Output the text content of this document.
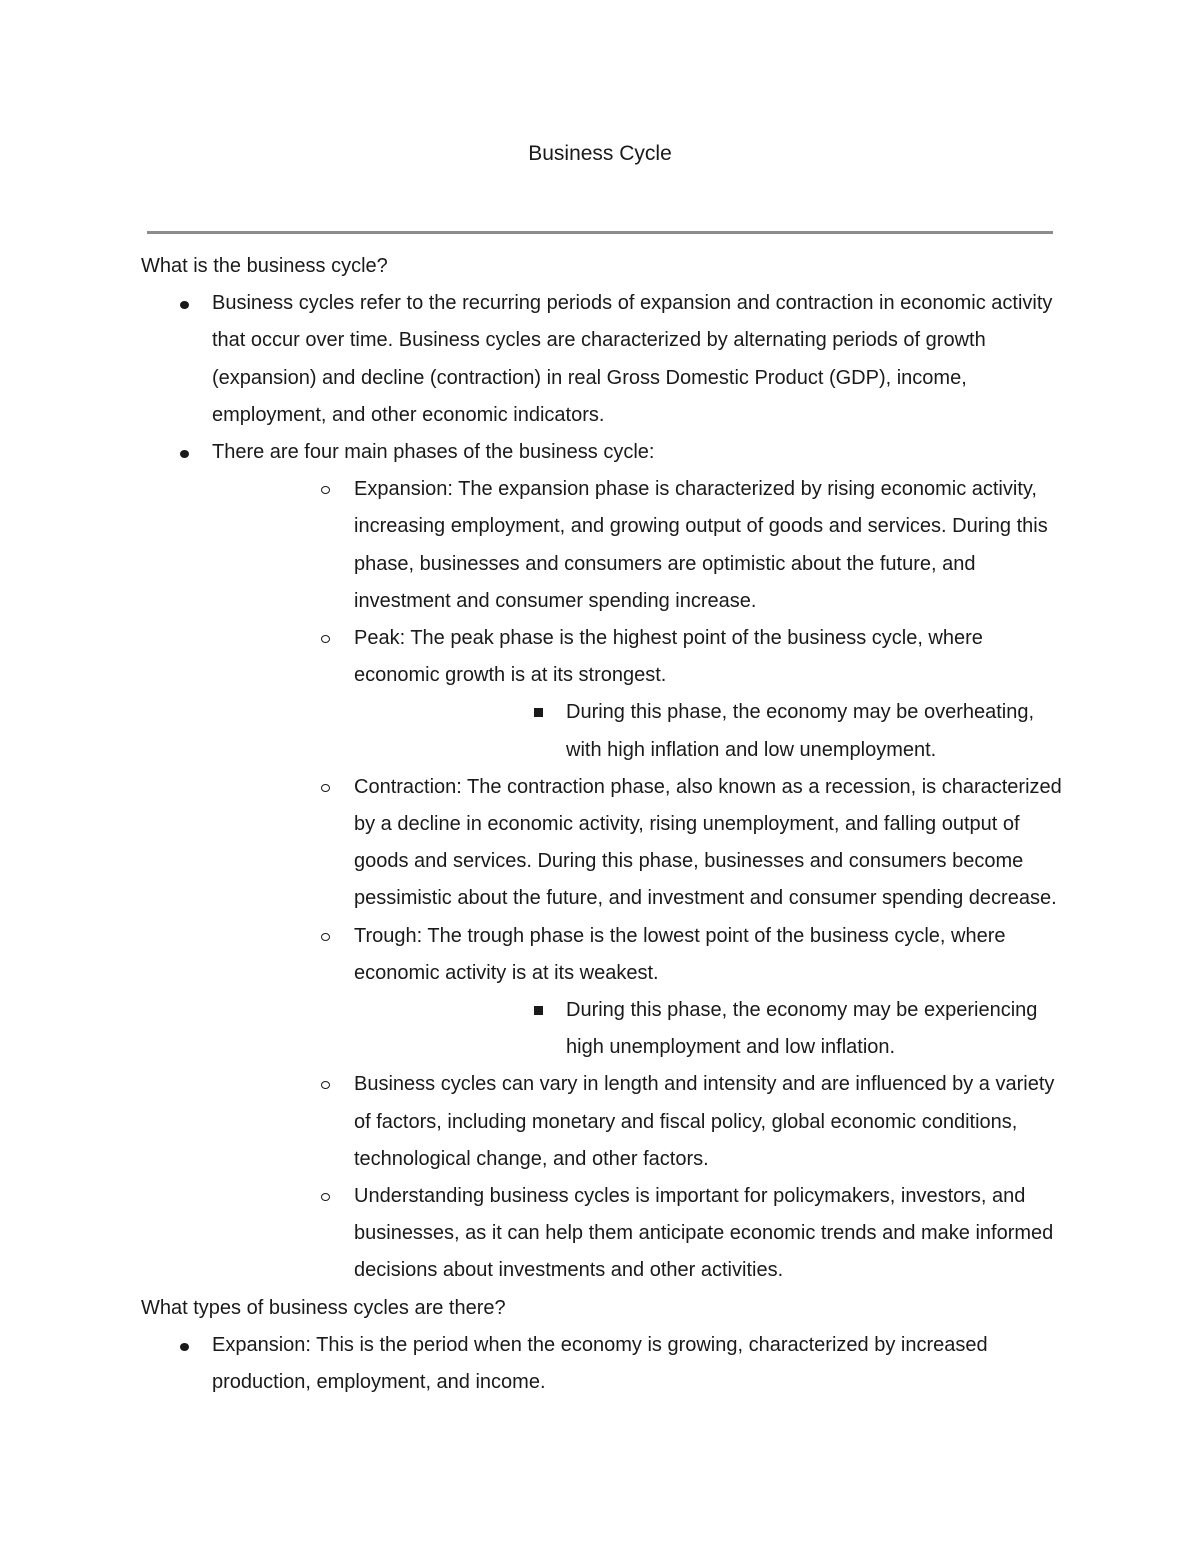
Business Cycle

What is the business cycle?

Business cycles refer to the recurring periods of expansion and contraction in economic activity that occur over time. Business cycles are characterized by alternating periods of growth (expansion) and decline (contraction) in real Gross Domestic Product (GDP), income, employment, and other economic indicators.
There are four main phases of the business cycle:
Expansion: The expansion phase is characterized by rising economic activity, increasing employment, and growing output of goods and services. During this phase, businesses and consumers are optimistic about the future, and investment and consumer spending increase.
Peak: The peak phase is the highest point of the business cycle, where economic growth is at its strongest.
During this phase, the economy may be overheating, with high inflation and low unemployment.
Contraction: The contraction phase, also known as a recession, is characterized by a decline in economic activity, rising unemployment, and falling output of goods and services. During this phase, businesses and consumers become pessimistic about the future, and investment and consumer spending decrease.
Trough: The trough phase is the lowest point of the business cycle, where economic activity is at its weakest.
During this phase, the economy may be experiencing high unemployment and low inflation.
Business cycles can vary in length and intensity and are influenced by a variety of factors, including monetary and fiscal policy, global economic conditions, technological change, and other factors.
Understanding business cycles is important for policymakers, investors, and businesses, as it can help them anticipate economic trends and make informed decisions about investments and other activities.

What types of business cycles are there?

Expansion: This is the period when the economy is growing, characterized by increased production, employment, and income.
